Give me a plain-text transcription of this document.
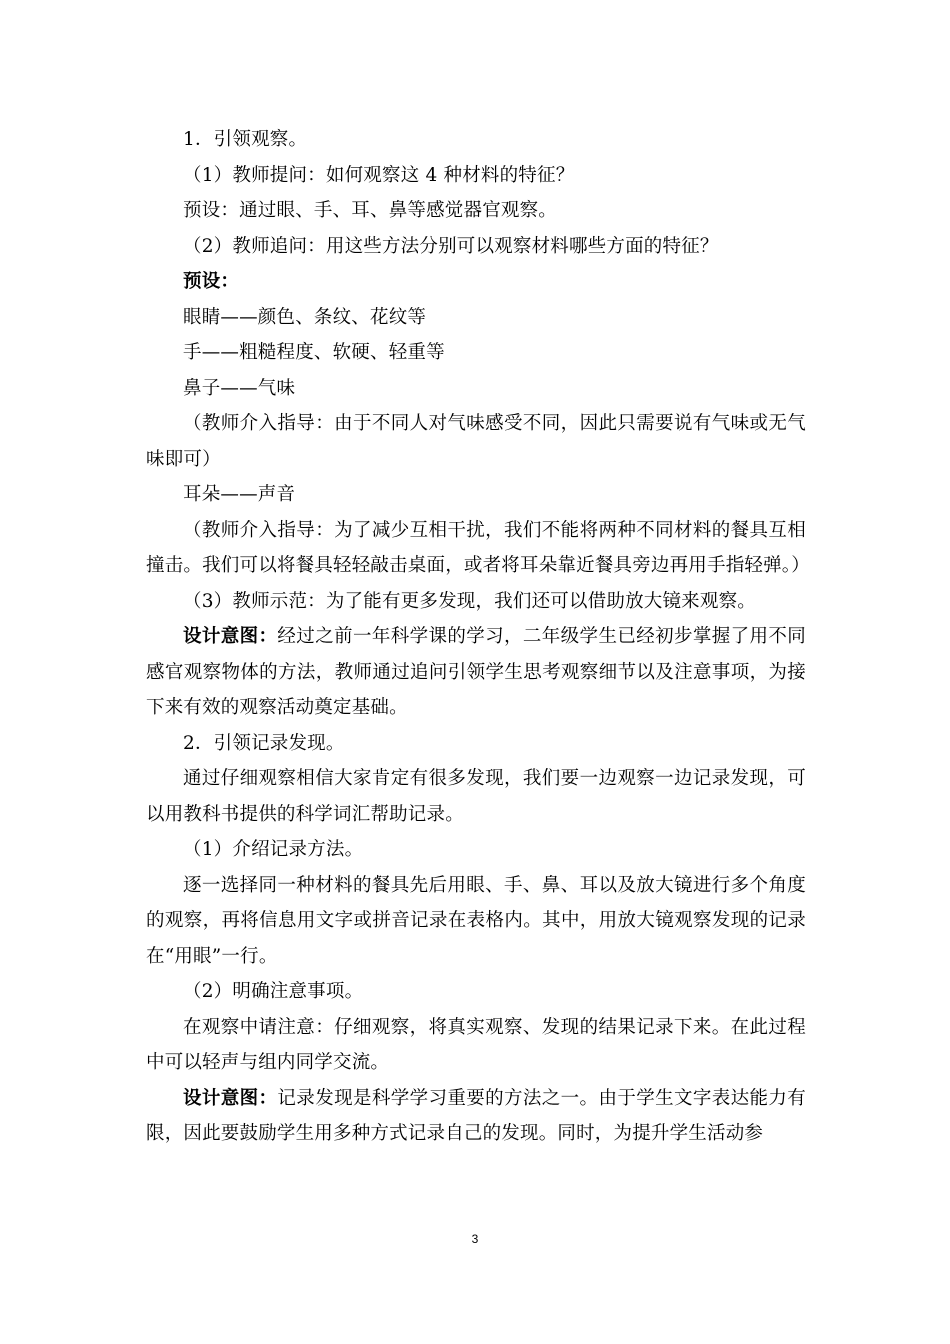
1．引领观察。

（1）教师提问：如何观察这 4 种材料的特征？

预设：通过眼、手、耳、鼻等感觉器官观察。

（2）教师追问：用这些方法分别可以观察材料哪些方面的特征？

预设：

眼睛——颜色、条纹、花纹等

手——粗糙程度、软硬、轻重等

鼻子——气味

（教师介入指导：由于不同人对气味感受不同，因此只需要说有气味或无气味即可）

耳朵——声音

（教师介入指导：为了减少互相干扰，我们不能将两种不同材料的餐具互相撞击。我们可以将餐具轻轻敲击桌面，或者将耳朵靠近餐具旁边再用手指轻弹。）

（3）教师示范：为了能有更多发现，我们还可以借助放大镜来观察。

设计意图：经过之前一年科学课的学习，二年级学生已经初步掌握了用不同感官观察物体的方法，教师通过追问引领学生思考观察细节以及注意事项，为接下来有效的观察活动奠定基础。

2．引领记录发现。

通过仔细观察相信大家肯定有很多发现，我们要一边观察一边记录发现，可以用教科书提供的科学词汇帮助记录。

（1）介绍记录方法。

逐一选择同一种材料的餐具先后用眼、手、鼻、耳以及放大镜进行多个角度的观察，再将信息用文字或拼音记录在表格内。其中，用放大镜观察发现的记录在“用眼”一行。

（2）明确注意事项。

在观察中请注意：仔细观察，将真实观察、发现的结果记录下来。在此过程中可以轻声与组内同学交流。

设计意图：记录发现是科学学习重要的方法之一。由于学生文字表达能力有限，因此要鼓励学生用多种方式记录自己的发现。同时，为提升学生活动参

3
